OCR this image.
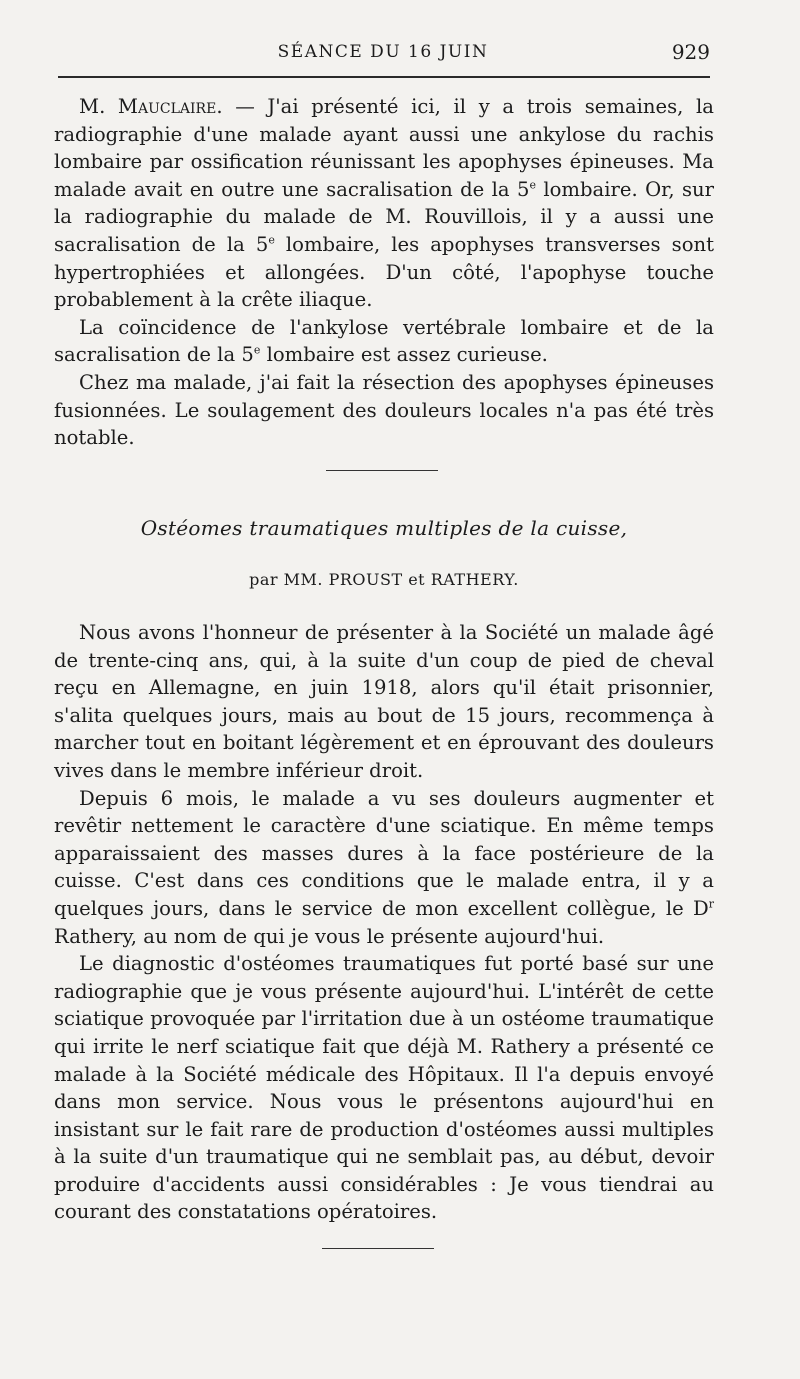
SÉANCE DU 16 JUIN	929

M. Mauclaire. — J'ai présenté ici, il y a trois semaines, la radiographie d'une malade ayant aussi une ankylose du rachis lombaire par ossification réunissant les apophyses épineuses. Ma malade avait en outre une sacralisation de la 5e lombaire. Or, sur la radiographie du malade de M. Rouvillois, il y a aussi une sacralisation de la 5e lombaire, les apophyses transverses sont hypertrophiées et allongées. D'un côté, l'apophyse touche probablement à la crête iliaque.

La coïncidence de l'ankylose vertébrale lombaire et de la sacralisation de la 5e lombaire est assez curieuse.

Chez ma malade, j'ai fait la résection des apophyses épineuses fusionnées. Le soulagement des douleurs locales n'a pas été très notable.

Ostéomes traumatiques multiples de la cuisse,
par MM. PROUST et RATHERY.

Nous avons l'honneur de présenter à la Société un malade âgé de trente-cinq ans, qui, à la suite d'un coup de pied de cheval reçu en Allemagne, en juin 1918, alors qu'il était prisonnier, s'alita quelques jours, mais au bout de 15 jours, recommença à marcher tout en boitant légèrement et en éprouvant des douleurs vives dans le membre inférieur droit.

Depuis 6 mois, le malade a vu ses douleurs augmenter et revêtir nettement le caractère d'une sciatique. En même temps apparaissaient des masses dures à la face postérieure de la cuisse. C'est dans ces conditions que le malade entra, il y a quelques jours, dans le service de mon excellent collègue, le $D^r$ Rathery, au nom de qui je vous le présente aujourd'hui.

Le diagnostic d'ostéomes traumatiques fut porté basé sur une radiographie que je vous présente aujourd'hui. L'intérêt de cette sciatique provoquée par l'irritation due à un ostéome traumatique qui irrite le nerf sciatique fait que déjà M. Rathery a présenté ce malade à la Société médicale des Hôpitaux. Il l'a depuis envoyé dans mon service. Nous vous le présentons aujourd'hui en insistant sur le fait rare de production d'ostéomes aussi multiples à la suite d'un traumatique qui ne semblait pas, au début, devoir produire d'accidents aussi considérables : Je vous tiendrai au courant des constatations opératoires.
